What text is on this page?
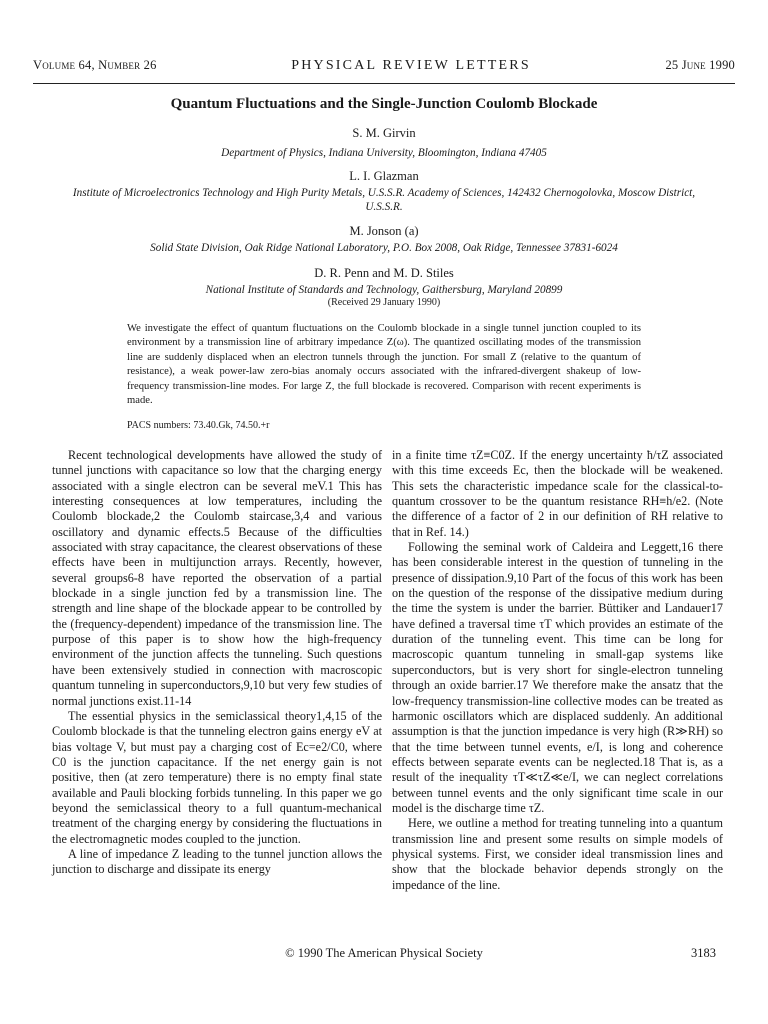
Volume 64, Number 26	PHYSICAL REVIEW LETTERS	25 June 1990
Quantum Fluctuations and the Single-Junction Coulomb Blockade
S. M. Girvin
Department of Physics, Indiana University, Bloomington, Indiana 47405
L. I. Glazman
Institute of Microelectronics Technology and High Purity Metals, U.S.S.R. Academy of Sciences, 142432 Chernogolovka, Moscow District, U.S.S.R.
M. Jonson (a)
Solid State Division, Oak Ridge National Laboratory, P.O. Box 2008, Oak Ridge, Tennessee 37831-6024
D. R. Penn and M. D. Stiles
National Institute of Standards and Technology, Gaithersburg, Maryland 20899
(Received 29 January 1990)
We investigate the effect of quantum fluctuations on the Coulomb blockade in a single tunnel junction coupled to its environment by a transmission line of arbitrary impedance Z(ω). The quantized oscillating modes of the transmission line are suddenly displaced when an electron tunnels through the junction. For small Z (relative to the quantum of resistance), a weak power-law zero-bias anomaly occurs associated with the infrared-divergent shakeup of low-frequency transmission-line modes. For large Z, the full blockade is recovered. Comparison with recent experiments is made.
PACS numbers: 73.40.Gk, 74.50.+r

Recent technological developments have allowed the study of tunnel junctions with capacitance so low that the charging energy associated with a single electron can be several meV.1 This has interesting consequences at low temperatures, including the Coulomb blockade,2 the Coulomb staircase,3,4 and various oscillatory and dynamic effects.5 Because of the difficulties associated with stray capacitance, the clearest observations of these effects have been in multijunction arrays. Recently, however, several groups6-8 have reported the observation of a partial blockade in a single junction fed by a transmission line. The strength and line shape of the blockade appear to be controlled by the (frequency-dependent) impedance of the transmission line. The purpose of this paper is to show how the high-frequency environment of the junction affects the tunneling. Such questions have been extensively studied in connection with macroscopic quantum tunneling in superconductors,9,10 but very few studies of normal junctions exist.11-14

The essential physics in the semiclassical theory1,4,15 of the Coulomb blockade is that the tunneling electron gains energy eV at bias voltage V, but must pay a charging cost of Ec=e2/C0, where C0 is the junction capacitance. If the net energy gain is not positive, then (at zero temperature) there is no empty final state available and Pauli blocking forbids tunneling. In this paper we go beyond the semiclassical theory to a full quantum-mechanical treatment of the charging energy by considering the fluctuations in the electromagnetic modes coupled to the junction.

A line of impedance Z leading to the tunnel junction allows the junction to discharge and dissipate its energy

in a finite time τZ≡C0Z. If the energy uncertainty ħ/τZ associated with this time exceeds Ec, then the blockade will be weakened. This sets the characteristic impedance scale for the classical-to-quantum crossover to be the quantum resistance RH≡h/e2. (Note the difference of a factor of 2 in our definition of RH relative to that in Ref. 14.)

Following the seminal work of Caldeira and Leggett,16 there has been considerable interest in the question of tunneling in the presence of dissipation.9,10 Part of the focus of this work has been on the question of the response of the dissipative medium during the time the system is under the barrier. Büttiker and Landauer17 have defined a traversal time τT which provides an estimate of the duration of the tunneling event. This time can be long for macroscopic quantum tunneling in small-gap systems like superconductors, but is very short for single-electron tunneling through an oxide barrier.17 We therefore make the ansatz that the low-frequency transmission-line collective modes can be treated as harmonic oscillators which are displaced suddenly. An additional assumption is that the junction impedance is very high (R≫RH) so that the time between tunnel events, e/I, is long and coherence effects between separate events can be neglected.18 That is, as a result of the inequality τT≪τZ≪e/I, we can neglect correlations between tunnel events and the only significant time scale in our model is the discharge time τZ.

Here, we outline a method for treating tunneling into a quantum transmission line and present some results on simple models of physical systems. First, we consider ideal transmission lines and show that the blockade behavior depends strongly on the impedance of the line.

© 1990 The American Physical Society	3183
